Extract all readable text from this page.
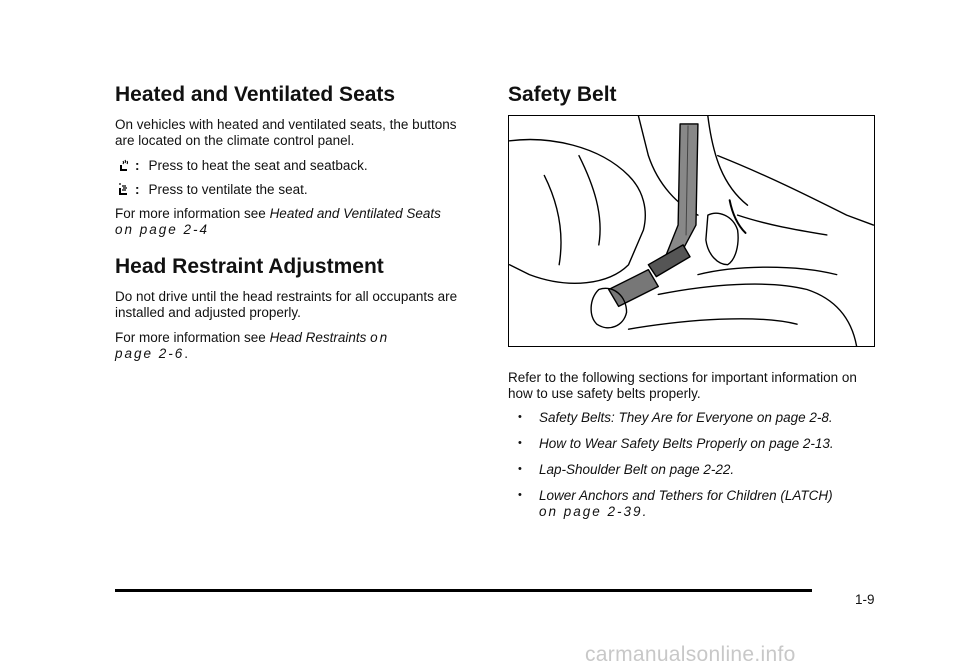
Heated and Ventilated Seats

On vehicles with heated and ventilated seats, the buttons are located on the climate control panel.

: Press to heat the seat and seatback.
: Press to ventilate the seat.

For more information see Heated and Ventilated Seats
on page 2-4

Head Restraint Adjustment

Do not drive until the head restraints for all occupants are installed and adjusted properly.

For more information see Head Restraints on
page 2-6.

Safety Belt

Refer to the following sections for important information on how to use safety belts properly.

• Safety Belts: They Are for Everyone on page 2-8.
• How to Wear Safety Belts Properly on page 2-13.
• Lap-Shoulder Belt on page 2-22.
• Lower Anchors and Tethers for Children (LATCH)
on page 2-39.
1-9
carmanualsonline.info
